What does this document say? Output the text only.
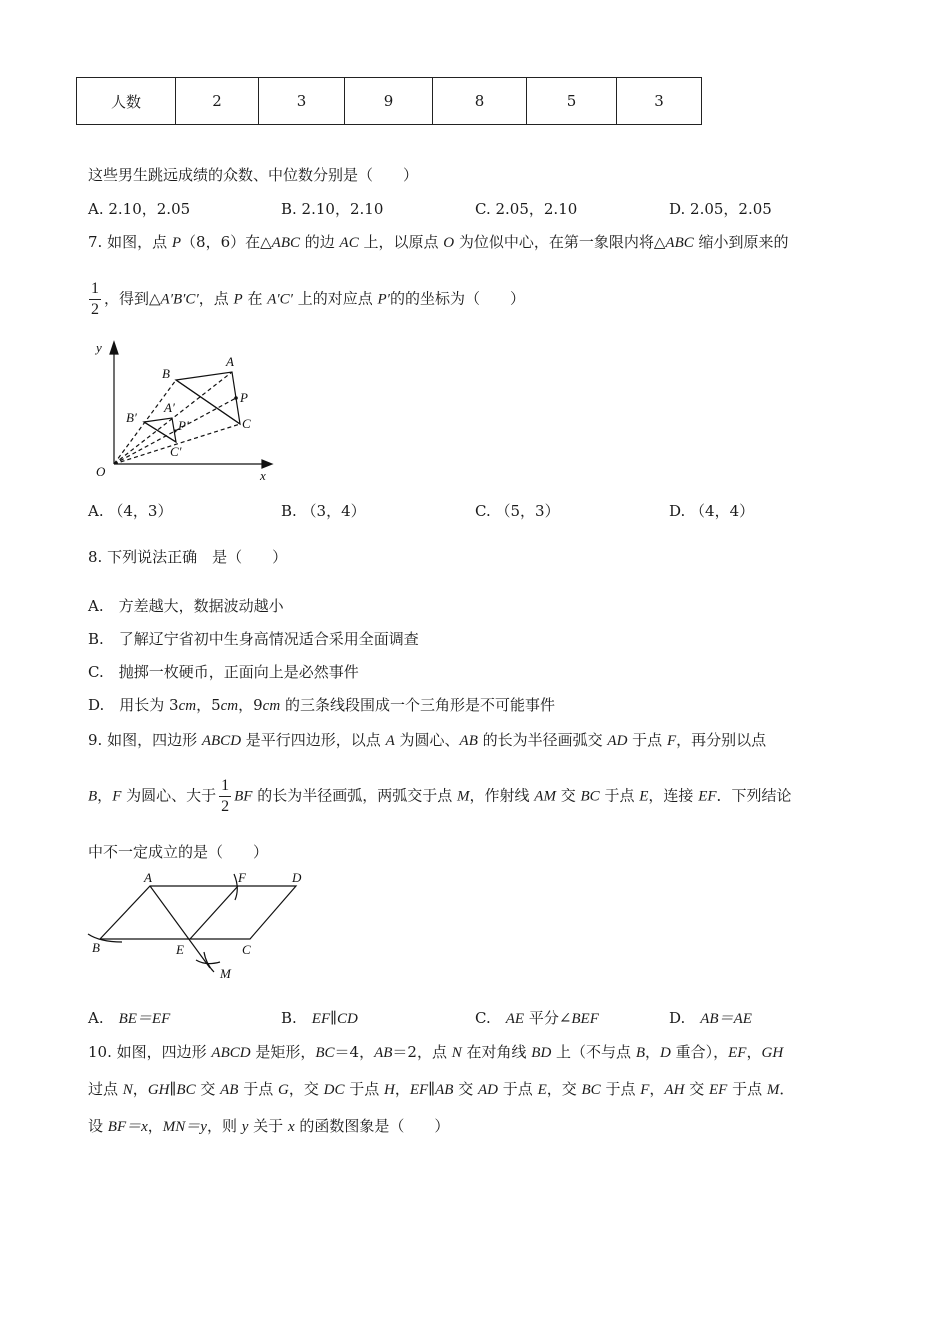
人数	2	3	9	8	5	3
这些男生跳远成绩的众数、中位数分别是（　　）
A. 2.10，2.05	B. 2.10，2.10	C. 2.05，2.10	D. 2.05，2.05
7. 如图，点 P（8，6）在△ABC 的边 AC 上，以原点 O 为位似中心，在第一象限内将△ABC 缩小到原来的
$\frac{1}{2}$ ，得到△A′B′C′，点 P 在 A′C′ 上的对应点 P′的的坐标为（　　）
y
x
O
B
A
P
C
B′
A′
P′
C′
A. （4，3）	B. （3，4）	C. （5，3）	D. （4，4）
8. 下列说法正确　是（　　）
A.　方差越大，数据波动越小
B.　了解辽宁省初中生身高情况适合采用全面调查
C.　抛掷一枚硬币，正面向上是必然事件
D.　用长为 3cm，5cm，9cm 的三条线段围成一个三角形是不可能事件
9. 如图，四边形 ABCD 是平行四边形，以点 A 为圆心、AB 的长为半径画弧交 AD 于点 F，再分别以点
B，F 为圆心、大于 $\frac{1}{2}$ BF 的长为半径画弧，两弧交于点 M，作射线 AM 交 BC 于点 E，连接 EF．下列结论
中不一定成立的是（　　）
A	F	D
B	E	C
M
A.　BE＝EF	B.　EF∥CD	C.　AE 平分∠BEF	D.　AB＝AE
10. 如图，四边形 ABCD 是矩形，BC＝4，AB＝2，点 N 在对角线 BD 上（不与点 B，D 重合），EF，GH
过点 N，GH∥BC 交 AB 于点 G，交 DC 于点 H，EF∥AB 交 AD 于点 E，交 BC 于点 F，AH 交 EF 于点 M．
设 BF＝x，MN＝y，则 y 关于 x 的函数图象是（　　）
